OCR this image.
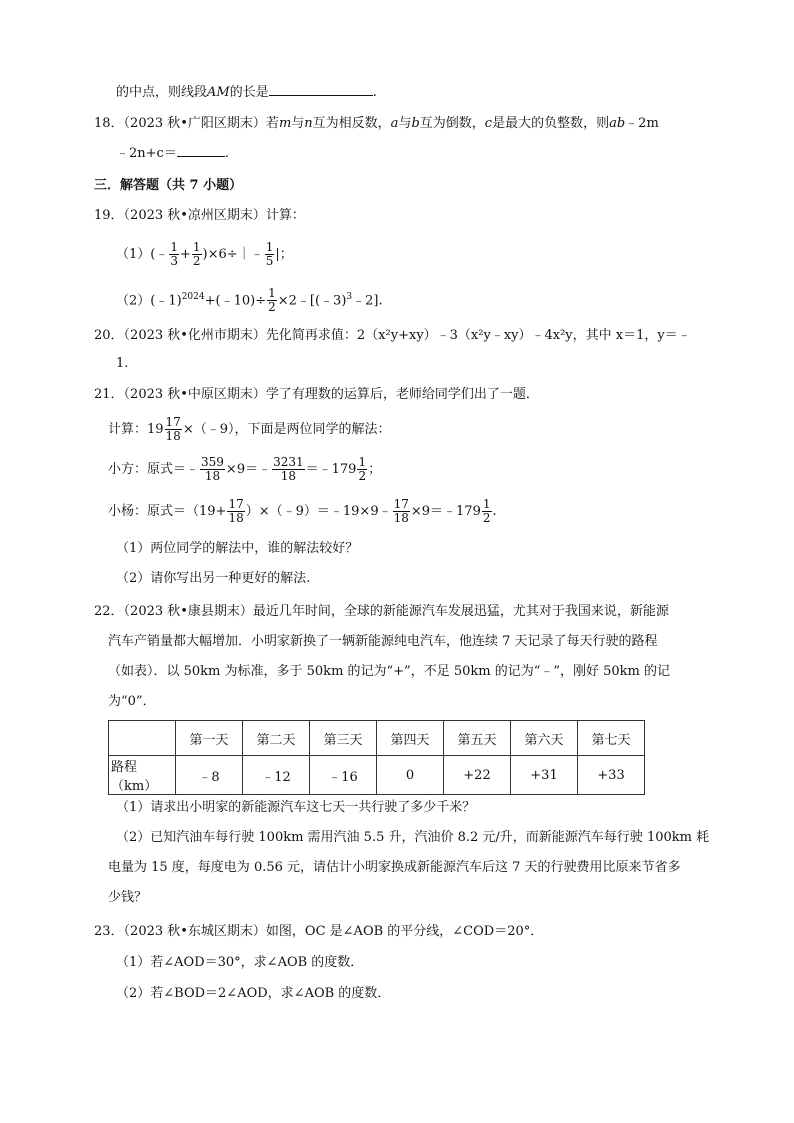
的中点，则线段AM的长是	.
18．（2023 秋•广阳区期末）若m与n互为相反数，a与b互为倒数，c是最大的负整数，则ab﹣2m
﹣2n+c＝	.
三．解答题（共 7 小题）
19．（2023 秋•凉州区期末）计算：
（1）(﹣ $\frac{1}{3} + \frac{1}{2}$ )×6÷｜﹣ $\frac{1}{5}$ |；
（2）(﹣1)$^{2024}$+(﹣10)÷ $\frac{1}{2}$ ×2﹣[(﹣3)$^3$﹣2].
20．（2023 秋•化州市期末）先化简再求值：2（x²y+xy）﹣3（x²y﹣xy）﹣4x²y，其中 x＝1，y＝﹣
1.
21．（2023 秋•中原区期末）学了有理数的运算后，老师给同学们出了一题．
计算：$19 \frac{17}{18}$ ×（﹣9），下面是两位同学的解法：
小方：原式＝﹣ $\frac{359}{18}$ ×9＝﹣ $\frac{3231}{18}$ ＝﹣179 $\frac{1}{2}$ ；
小杨：原式$=(19+ \frac{17}{18}$ ）×（﹣9）＝﹣19×9﹣ $\frac{17}{18}$ ×9＝﹣179 $\frac{1}{2}$ .
（1）两位同学的解法中，谁的解法较好？
（2）请你写出另一种更好的解法.
22．（2023 秋•康县期末）最近几年时间，全球的新能源汽车发展迅猛，尤其对于我国来说，新能源
汽车产销量都大幅增加．小明家新换了一辆新能源纯电汽车，他连续 7 天记录了每天行驶的路程
（如表）．以 50km 为标准，多于 50km 的记为“+”，不足 50km 的记为“﹣”，刚好 50km 的记
为“0”．
	第一天	第二天	第三天	第四天	第五天	第六天	第七天
路程（km）	﹣8	﹣12	﹣16	0	+22	+31	+33
（1）请求出小明家的新能源汽车这七天一共行驶了多少千米？
（2）已知汽油车每行驶 100km 需用汽油 5.5 升，汽油价 8.2 元/升，而新能源汽车每行驶 100km 耗
电量为 15 度，每度电为 0.56 元，请估计小明家换成新能源汽车后这 7 天的行驶费用比原来节省多
少钱？
23．（2023 秋•东城区期末）如图，OC 是∠AOB 的平分线，∠COD＝20°．
（1）若∠AOD＝30°，求∠AOB 的度数．
（2）若∠BOD＝2∠AOD，求∠AOB 的度数．
